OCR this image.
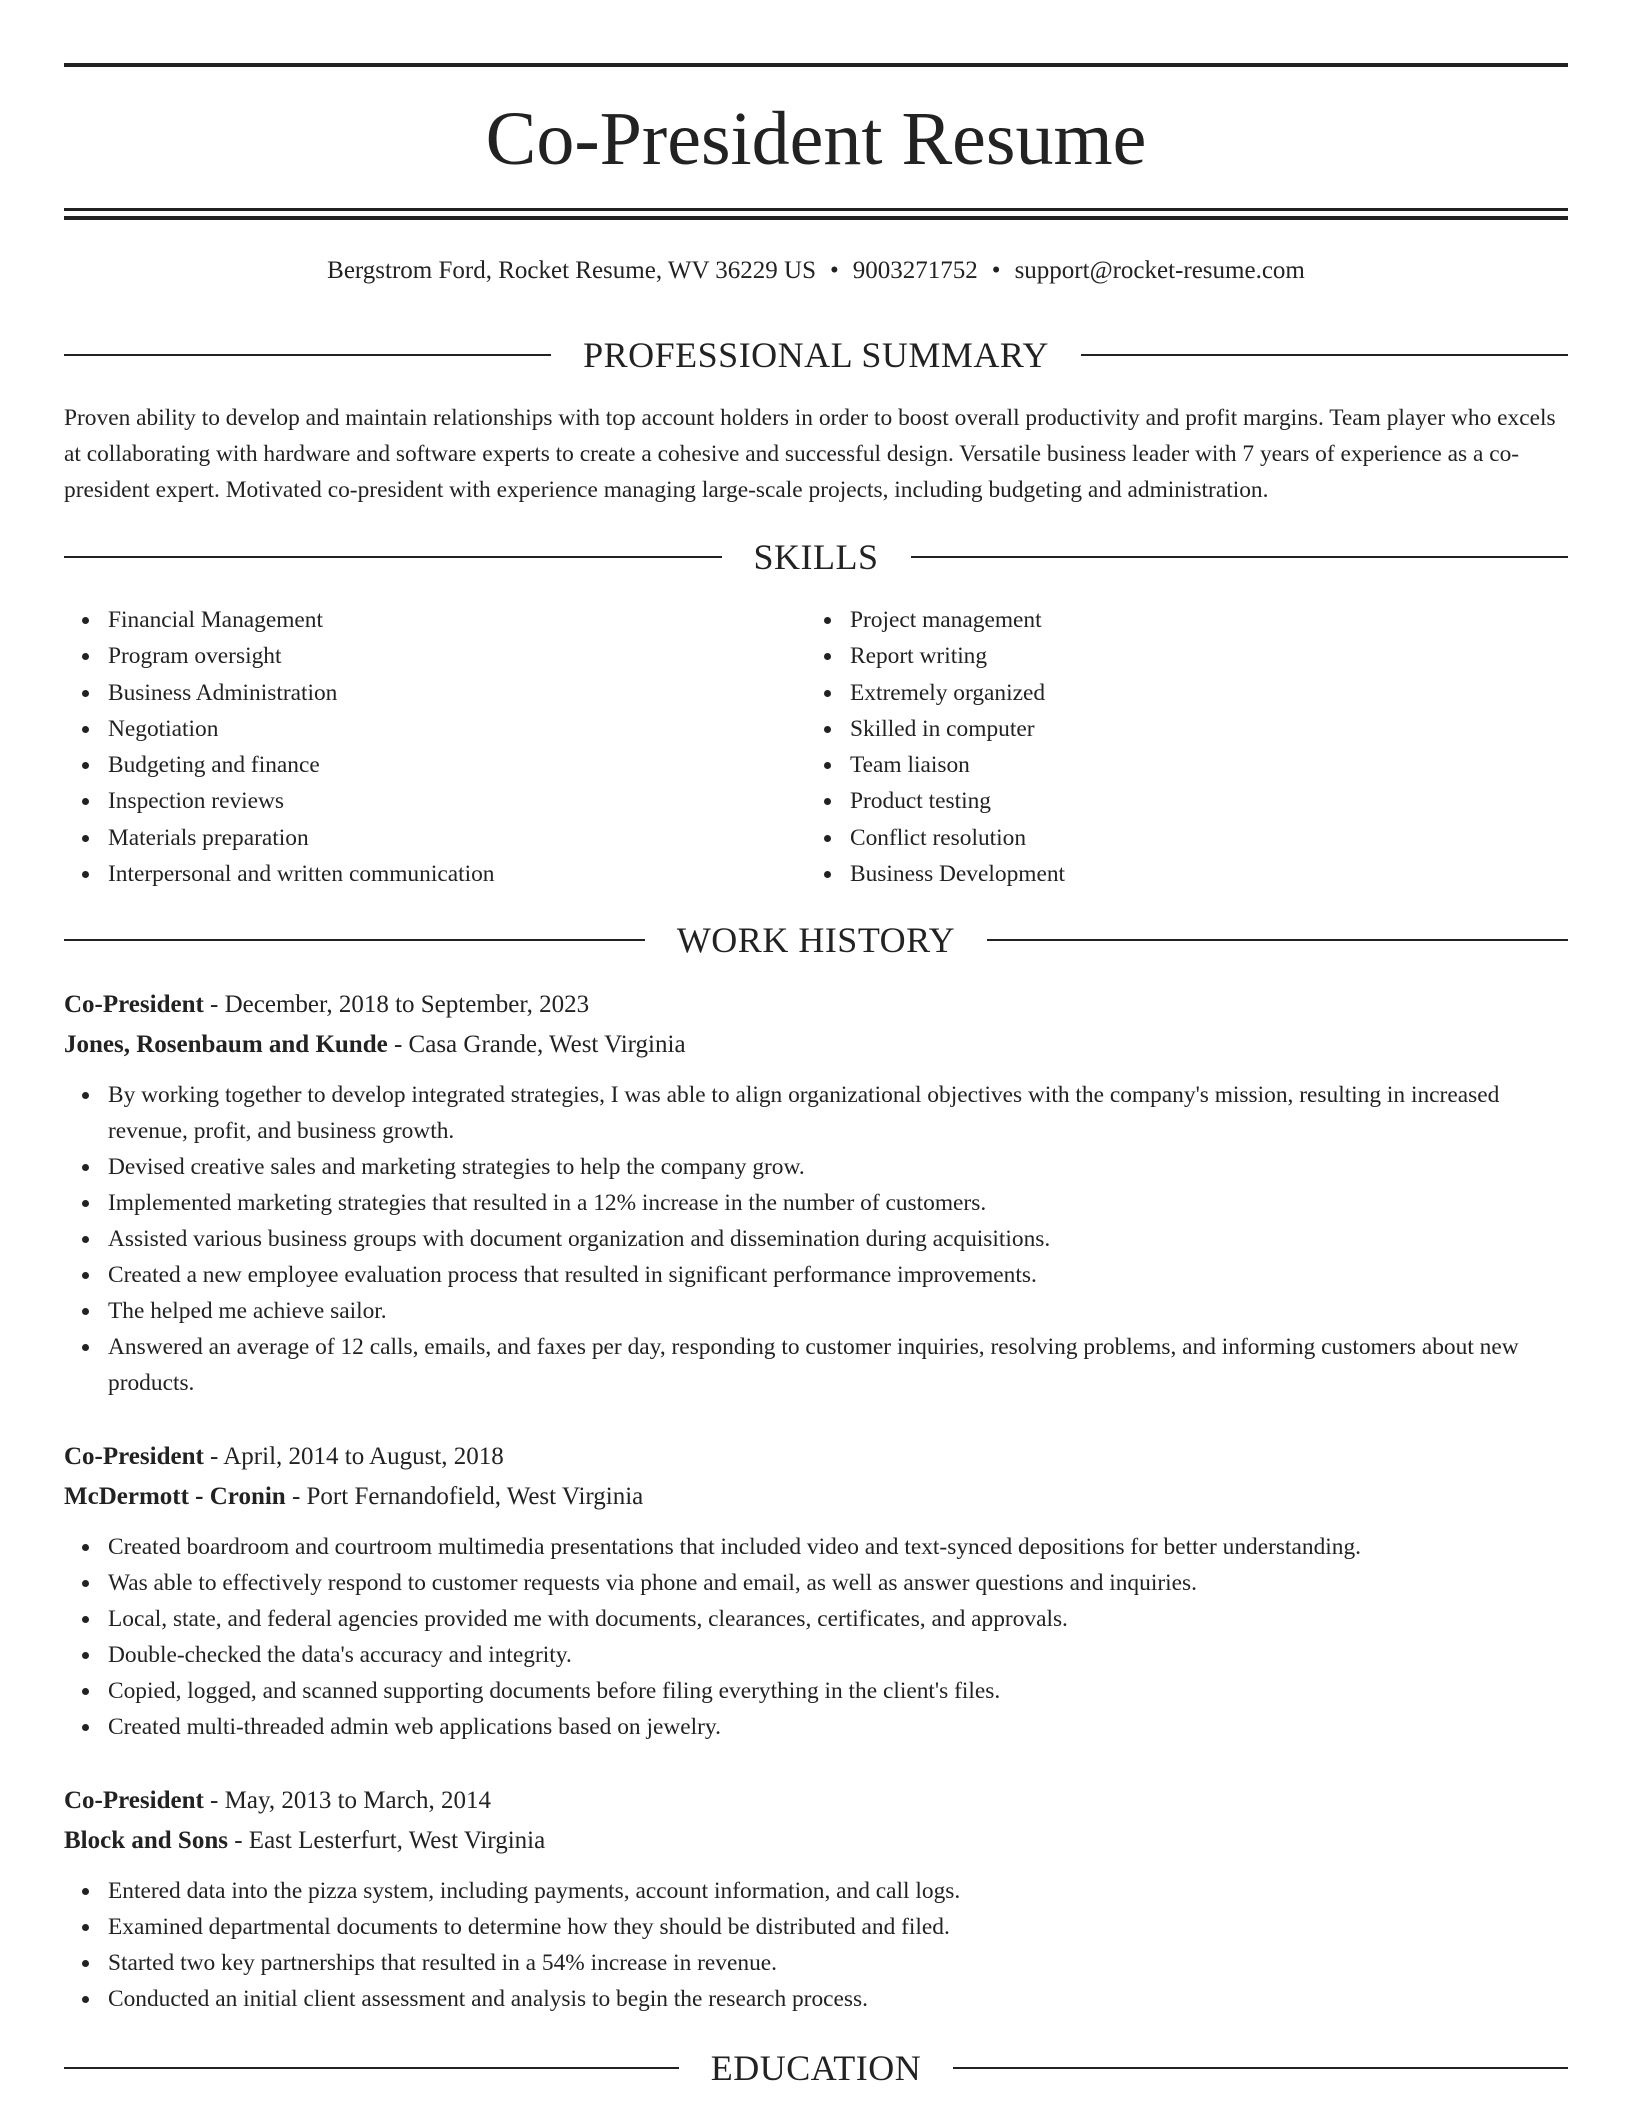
Co-President Resume
Bergstrom Ford, Rocket Resume, WV 36229 US • 9003271752 • support@rocket-resume.com
PROFESSIONAL SUMMARY

Proven ability to develop and maintain relationships with top account holders in order to boost overall productivity and profit margins. Team player who excels at collaborating with hardware and software experts to create a cohesive and successful design. Versatile business leader with 7 years of experience as a co-president expert. Motivated co-president with experience managing large-scale projects, including budgeting and administration.

SKILLS
Financial Management
Program oversight
Business Administration
Negotiation
Budgeting and finance
Inspection reviews
Materials preparation
Interpersonal and written communication
Project management
Report writing
Extremely organized
Skilled in computer
Team liaison
Product testing
Conflict resolution
Business Development
WORK HISTORY
Co-President - December, 2018 to September, 2023
Jones, Rosenbaum and Kunde - Casa Grande, West Virginia
By working together to develop integrated strategies, I was able to align organizational objectives with the company's mission, resulting in increased revenue, profit, and business growth.
Devised creative sales and marketing strategies to help the company grow.
Implemented marketing strategies that resulted in a 12% increase in the number of customers.
Assisted various business groups with document organization and dissemination during acquisitions.
Created a new employee evaluation process that resulted in significant performance improvements.
The helped me achieve sailor.
Answered an average of 12 calls, emails, and faxes per day, responding to customer inquiries, resolving problems, and informing customers about new products.
Co-President - April, 2014 to August, 2018
McDermott - Cronin - Port Fernandofield, West Virginia
Created boardroom and courtroom multimedia presentations that included video and text-synced depositions for better understanding.
Was able to effectively respond to customer requests via phone and email, as well as answer questions and inquiries.
Local, state, and federal agencies provided me with documents, clearances, certificates, and approvals.
Double-checked the data's accuracy and integrity.
Copied, logged, and scanned supporting documents before filing everything in the client's files.
Created multi-threaded admin web applications based on jewelry.
Co-President - May, 2013 to March, 2014
Block and Sons - East Lesterfurt, West Virginia
Entered data into the pizza system, including payments, account information, and call logs.
Examined departmental documents to determine how they should be distributed and filed.
Started two key partnerships that resulted in a 54% increase in revenue.
Conducted an initial client assessment and analysis to begin the research process.
EDUCATION
